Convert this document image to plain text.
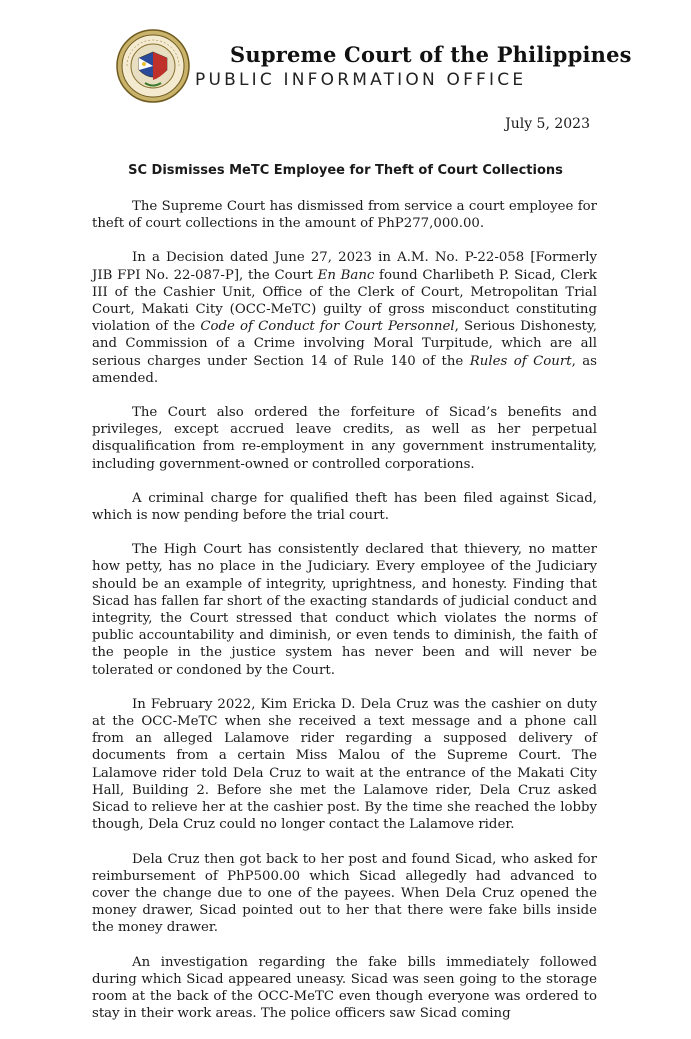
Supreme Court of the Philippines
PUBLIC INFORMATION OFFICE
July 5, 2023
SC Dismisses MeTC Employee for Theft of Court Collections

The Supreme Court has dismissed from service a court employee for theft of court collections in the amount of PhP277,000.00.

In a Decision dated June 27, 2023 in A.M. No. P-22-058 [Formerly JIB FPI No. 22-087-P], the Court En Banc found Charlibeth P. Sicad, Clerk III of the Cashier Unit, Office of the Clerk of Court, Metropolitan Trial Court, Makati City (OCC-MeTC) guilty of gross misconduct constituting violation of the Code of Conduct for Court Personnel, Serious Dishonesty, and Commission of a Crime involving Moral Turpitude, which are all serious charges under Section 14 of Rule 140 of the Rules of Court, as amended.

The Court also ordered the forfeiture of Sicad’s benefits and privileges, except accrued leave credits, as well as her perpetual disqualification from re-employment in any government instrumentality, including government-owned or controlled corporations.

A criminal charge for qualified theft has been filed against Sicad, which is now pending before the trial court.

The High Court has consistently declared that thievery, no matter how petty, has no place in the Judiciary. Every employee of the Judiciary should be an example of integrity, uprightness, and honesty. Finding that Sicad has fallen far short of the exacting standards of judicial conduct and integrity, the Court stressed that conduct which violates the norms of public accountability and diminish, or even tends to diminish, the faith of the people in the justice system has never been and will never be tolerated or condoned by the Court.

In February 2022, Kim Ericka D. Dela Cruz was the cashier on duty at the OCC-MeTC when she received a text message and a phone call from an alleged Lalamove rider regarding a supposed delivery of documents from a certain Miss Malou of the Supreme Court. The Lalamove rider told Dela Cruz to wait at the entrance of the Makati City Hall, Building 2. Before she met the Lalamove rider, Dela Cruz asked Sicad to relieve her at the cashier post. By the time she reached the lobby though, Dela Cruz could no longer contact the Lalamove rider.

Dela Cruz then got back to her post and found Sicad, who asked for reimbursement of PhP500.00 which Sicad allegedly had advanced to cover the change due to one of the payees. When Dela Cruz opened the money drawer, Sicad pointed out to her that there were fake bills inside the money drawer.

An investigation regarding the fake bills immediately followed during which Sicad appeared uneasy. Sicad was seen going to the storage room at the back of the OCC-MeTC even though everyone was ordered to stay in their work areas. The police officers saw Sicad coming
